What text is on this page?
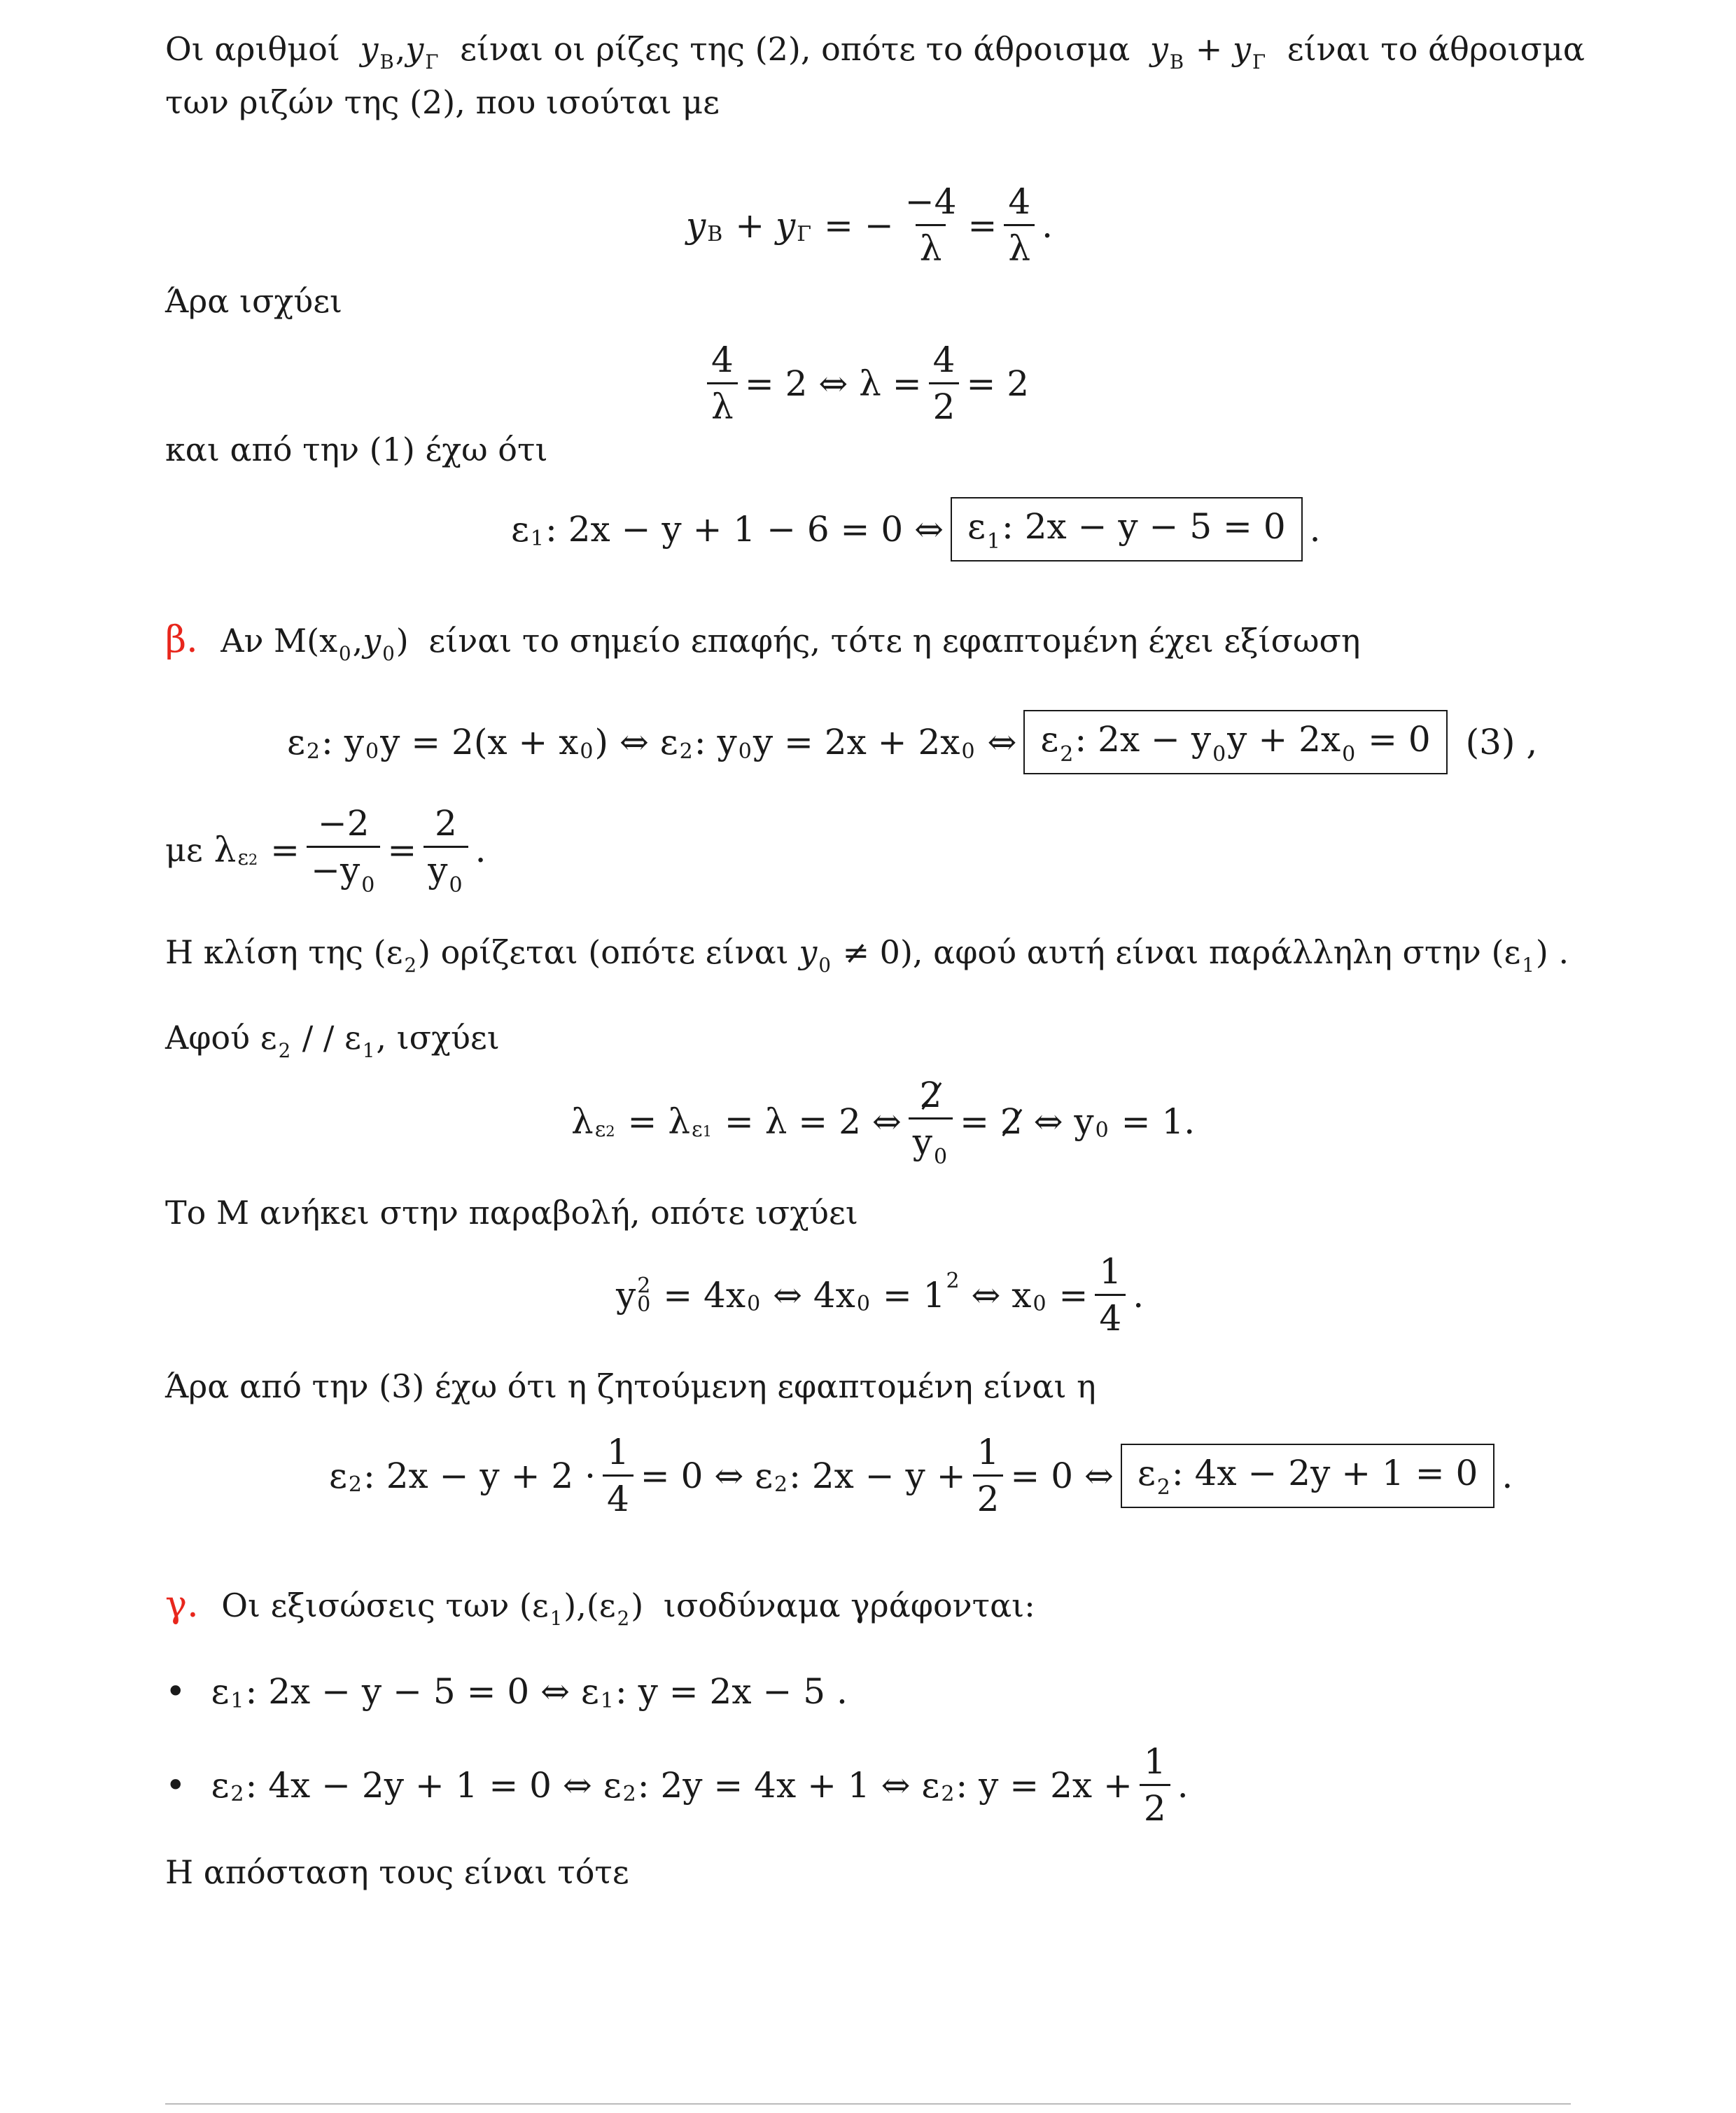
Οι αριθμοί $y_B,y_\Gamma$ είναι οι ρίζες της (2), οπότε το άθροισμα $y_B + y_\Gamma$ είναι το άθροισμα
των ριζών της (2), που ισούται με
y Β
+
y Γ
=
− $\frac{-4}{\lambda} = \frac{4}{\lambda}$ .
Άρα ισχύει
$\frac{4}{\lambda}$ =
2
⇔
λ
= $\frac{4}{2}$ =
2
και από την (1) έχω ότι
ε 1 : 2x − y + 1 − 6 = 0
⇔ $\varepsilon_1$: 2x − y − 5 = 0 .
β. Αν $M(x_0,y_0)$ είναι το σημείο επαφής, τότε η εφαπτομένη έχει εξίσωση
ε 2 : y 0 y = 2(x + x 0 )
⇔
ε 2 : y 0 y = 2x + 2x 0
⇔ $\varepsilon_2$: $2x - y_0y + 2x_0 = 0$
(3) ,
με
λ ε2
= $\frac{-2}{-y_0} = \frac{2}{y_0}$ .
Η κλίση της $(\varepsilon_2)$ ορίζεται (οπότε είναι $y_0 \ne 0$), αφού αυτή είναι παράλληλη στην $(\varepsilon_1)$ .
Αφού $\varepsilon_2$ / / $\varepsilon_1$, ισχύει
λ ε2
=
λ ε1
=
λ
=
2
⇔ $\frac{2}{y_0}$ =
2
⇔
y 0
= 1.
Το Μ ανήκει στην παραβολή, οπότε ισχύει
y 2
0
= 4x 0
⇔ 4x 0
= 1 2
⇔ x 0
= $\frac{1}{4}$ .
Άρα από την (3) έχω ότι η ζητούμενη εφαπτομένη είναι η
ε 2 : $2x - y + 2 \cdot \frac{1}{4}$ =
0
⇔
ε 2 : $2x - y + \frac{1}{2}$ =
0
⇔ $\varepsilon_2$: 4x − 2y + 1 = 0 .
γ. Οι εξισώσεις των $(\varepsilon_1),(\varepsilon_2)$ ισοδύναμα γράφονται:
• ε 1 : 2x − y − 5 = 0
⇔
ε 1 : y = 2x − 5 .
• ε 2 : 4x − 2y + 1 = 0
⇔
ε 2 : 2y = 4x + 1
⇔
ε 2 : $y = 2x + \frac{1}{2}$ .
Η απόσταση τους είναι τότε
